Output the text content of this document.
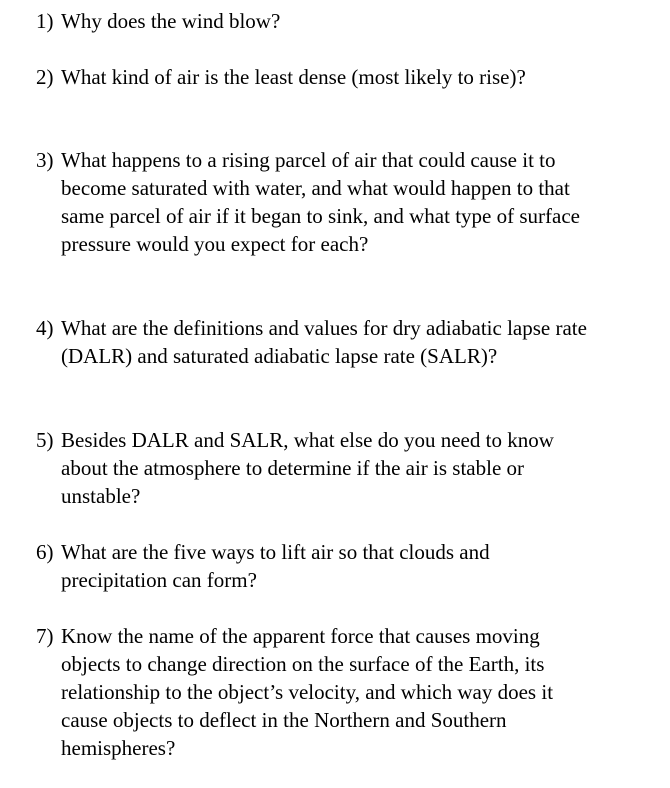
1) Why does the wind blow?
2) What kind of air is the least dense (most likely to rise)?
3) What happens to a rising parcel of air that could cause it to become saturated with water, and what would happen to that same parcel of air if it began to sink, and what type of surface pressure would you expect for each?
4) What are the definitions and values for dry adiabatic lapse rate (DALR) and saturated adiabatic lapse rate (SALR)?
5) Besides DALR and SALR, what else do you need to know about the atmosphere to determine if the air is stable or unstable?
6) What are the five ways to lift air so that clouds and precipitation can form?
7) Know the name of the apparent force that causes moving objects to change direction on the surface of the Earth, its relationship to the object’s velocity, and which way does it cause objects to deflect in the Northern and Southern hemispheres?
